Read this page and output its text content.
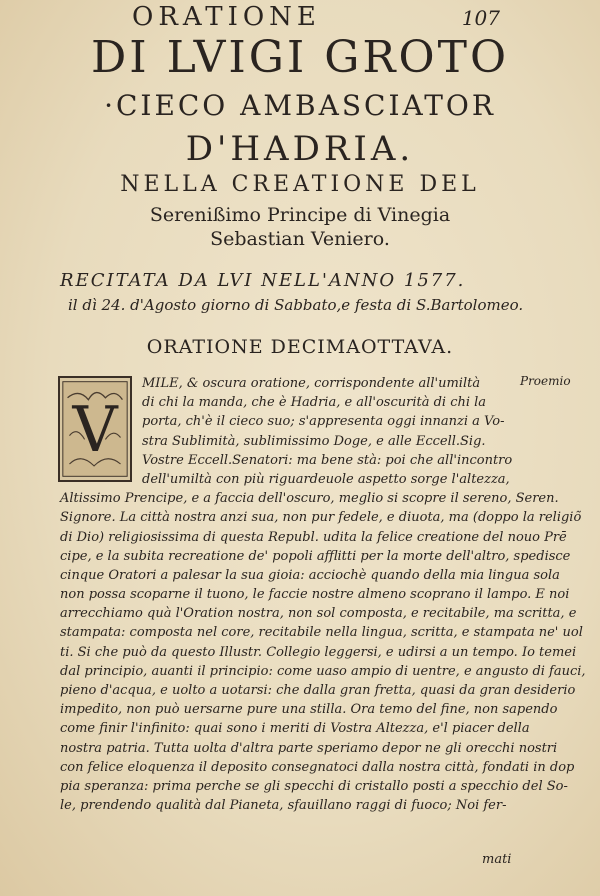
ORATIONE	107
DI LVIGI GROTO
·CIECO AMBASCIATOR
D'HADRIA.
NELLA CREATIONE DEL
Serenißimo Principe di Vinegia
Sebastian Veniero.
RECITATA DA LVI NELL'ANNO 1577.
il dì 24. d'Agosto giorno di Sabbato,e festa di S.Bartolomeo.
ORATIONE DECIMAOTTAVA.
Proemio
MILE, & oscura oratione, corrispondente all'umiltà
di chi la manda, che è Hadria, e all'oscurità di chi la
porta, ch'è il cieco suo; s'appresenta oggi innanzi a Vo-
stra Sublimità, sublimissimo Doge, e alle Eccell.Sig.
Vostre Eccell.Senatori: ma bene stà: poi che all'incontro
dell'umiltà con più riguardeuole aspetto sorge l'altezza,
Altissimo Prencipe, e a faccia dell'oscuro, meglio si scopre il sereno, Seren.
Signore. La città nostra anzi sua, non pur fedele, e diuota, ma (doppo la religiõ
di Dio) religiosissima di questa Republ. udita la felice creatione del nouo Prē
cipe, e la subita recreatione de' popoli afflitti per la morte dell'altro, spedisce
cinque Oratori a palesar la sua gioia: acciochè quando della mia lingua sola
non possa scoparne il tuono, le faccie nostre almeno scoprano il lampo. E noi
arrecchiamo quà l'Oration nostra, non sol composta, e recitabile, ma scritta, e
stampata: composta nel core, recitabile nella lingua, scritta, e stampata ne' uol
ti. Si che può da questo Illustr. Collegio leggersi, e udirsi a un tempo. Io temei
dal principio, auanti il principio: come uaso ampio di uentre, e angusto di fauci,
pieno d'acqua, e uolto a uotarsi: che dalla gran fretta, quasi da gran desiderio
impedito, non può uersarne pure una stilla. Ora temo del fine, non sapendo
come finir l'infinito: quai sono i meriti di Vostra Altezza, e'l piacer della
nostra patria. Tutta uolta d'altra parte speriamo depor ne gli orecchi nostri
con felice eloquenza il deposito consegnatoci dalla nostra città, fondati in dop
pia speranza: prima perche se gli specchi di cristallo posti a specchio del So-
le, prendendo qualità dal Pianeta, sfauillano raggi di fuoco; Noi fer-
V
mati
